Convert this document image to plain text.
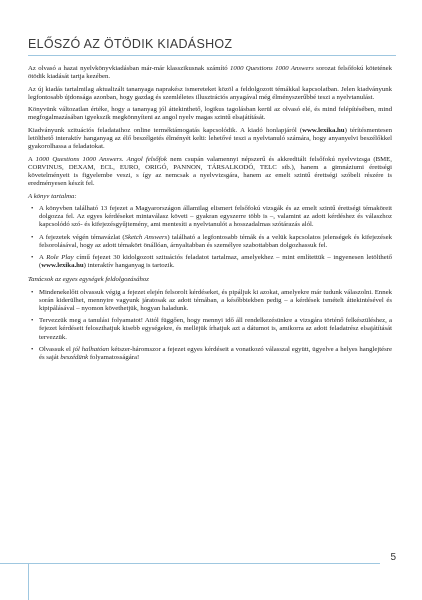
ELŐSZÓ AZ ÖTÖDIK KIADÁSHOZ

Az olvasó a hazai nyelvkönyvkiadásban már-már klasszikusnak számító 1000 Questions 1000 Answers sorozat felsőfokú kötetének ötödik kiadását tartja kezében.

Az új kiadás tartalmilag aktualizált tananyaga naprakész ismereteket közöl a feldolgozott témákkal kapcsolatban. Jelen kiadványunk legfontosabb újdonsága azonban, hogy gazdag és szemléletes illusztrációs anyagával még élményszerűbbé teszi a nyelvtanulást.

Könyvünk változatlan értéke, hogy a tananyag jól áttekinthető, logikus tagolásban kerül az olvasó elé, és mind felépítésében, mind megfogalmazásában igyekszik megkönnyíteni az angol nyelv magas szintű elsajátítását.

Kiadványunk szituációs feladataihoz online terméktámogatás kapcsolódik. A kiadó honlapjáról (www.lexika.hu) térítésmentesen letölthető interaktív hanganyag az élő beszélgetés élményét kelti: lehetővé teszi a nyelvtanuló számára, hogy anyanyelvi beszélőkkel gyakorolhassa a feladatokat.

A 1000 Questions 1000 Answers. Angol felsőfok nem csupán valamennyi népszerű és akkreditált felsőfokú nyelvvizsga (BME, CORVINUS, DEXAM, ECL, EURO, ORIGÓ, PANNON, TÁRSALKODÓ, TELC stb.), hanem a gimnáziumi érettségi követelményeit is figyelembe veszi, s így az nemcsak a nyelvvizsgára, hanem az emelt szintű érettségi szóbeli részére is eredményesen készít fel.

A könyv tartalma:

• A könyvben található 13 fejezet a Magyarországon államilag elismert felsőfokú vizsgák és az emelt szintű érettségi témaköreit dolgozza fel. Az egyes kérdéseket mintaválasz követi – gyakran egyszerre több is –, valamint az adott kérdéshez és válaszhoz kapcsolódó szó- és kifejezésgyűjtemény, ami mentesíti a nyelvtanulót a hosszadalmas szótárazás alól.
• A fejezetek végén témavázlat (Sketch Answers) található a legfontosabb témák és a velük kapcsolatos jelenségek és kifejezések felsorolásával, hogy az adott témakört önállóan, árnyaltabban és személyre szabottabban dolgozhassuk fel.
• A Role Play című fejezet 30 kidolgozott szituációs feladatot tartalmaz, amelyekhez – mint említettük – ingyenesen letölthető (www.lexika.hu) interaktív hanganyag is tartozik.

Tanácsok az egyes egységek feldolgozásához

• Mindenekelőtt olvassuk végig a fejezet elején felsorolt kérdéseket, és pipáljuk ki azokat, amelyekre már tudunk válaszolni. Ennek során kiderülhet, mennyire vagyunk járatosak az adott témában, a későbbiekben pedig – a kérdések ismételt áttekintésével és kipipálásával – nyomon követhetjük, hogyan haladunk.
• Tervezzük meg a tanulási folyamatot! Attól függően, hogy mennyi idő áll rendelkezésünkre a vizsgára történő felkészüléshez, a fejezet kérdéseit feloszthatjuk kisebb egységekre, és mellėjük írhatjuk azt a dátumot is, amikorra az adott feladatrész elsajátítását tervezzük.
• Olvassuk el jól halhatóan kétszer-háromszor a fejezet egyes kérdéseit a vonatkozó válasszal együtt, ügyelve a helyes hanglejtésre és saját beszédünk folyamatosságára!
5
